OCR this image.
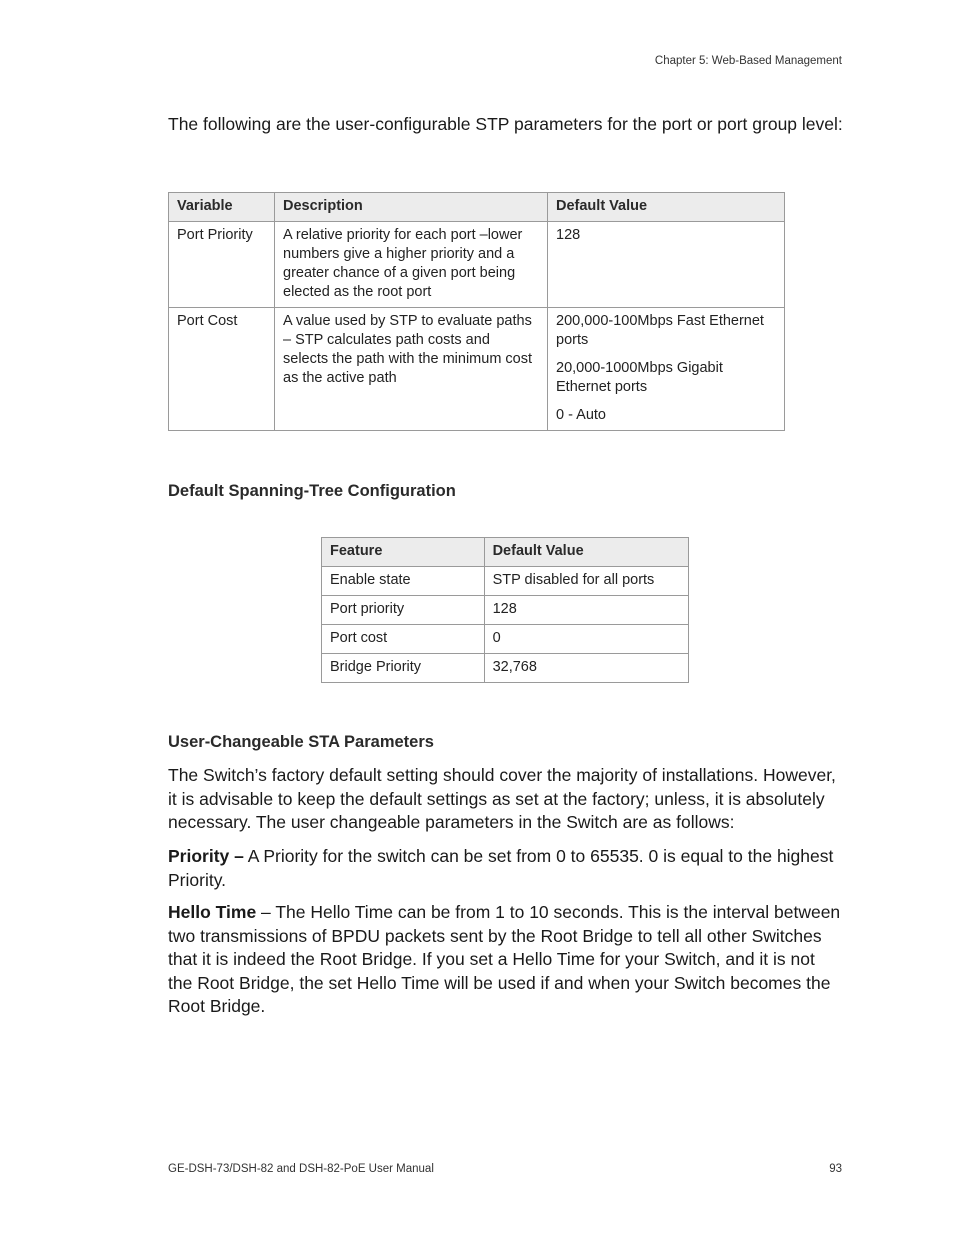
Chapter 5: Web-Based Management
The following are the user-configurable STP parameters for the port or port group level:
Variable	Description	Default Value
Port Priority	A relative priority for each port –lower numbers give a higher priority and a greater chance of a given port being elected as the root port	128

Port Cost	A value used by STP to evaluate paths – STP calculates path costs and selects the path with the minimum cost as the active path	200,000-100Mbps Fast Ethernet ports
20,000-1000Mbps Gigabit Ethernet ports
0 - Auto
Default Spanning-Tree Configuration
Feature	Default Value
Enable state	STP disabled for all ports
Port priority	128
Port cost	0
Bridge Priority	32,768
User-Changeable STA Parameters
The Switch’s factory default setting should cover the majority of installations. However, it is advisable to keep the default settings as set at the factory; unless, it is absolutely necessary. The user changeable parameters in the Switch are as follows:
Priority – A Priority for the switch can be set from 0 to 65535. 0 is equal to the highest Priority.
Hello Time – The Hello Time can be from 1 to 10 seconds. This is the interval between two transmissions of BPDU packets sent by the Root Bridge to tell all other Switches that it is indeed the Root Bridge. If you set a Hello Time for your Switch, and it is not the Root Bridge, the set Hello Time will be used if and when your Switch becomes the Root Bridge.
GE-DSH-73/DSH-82 and DSH-82-PoE User Manual	93
